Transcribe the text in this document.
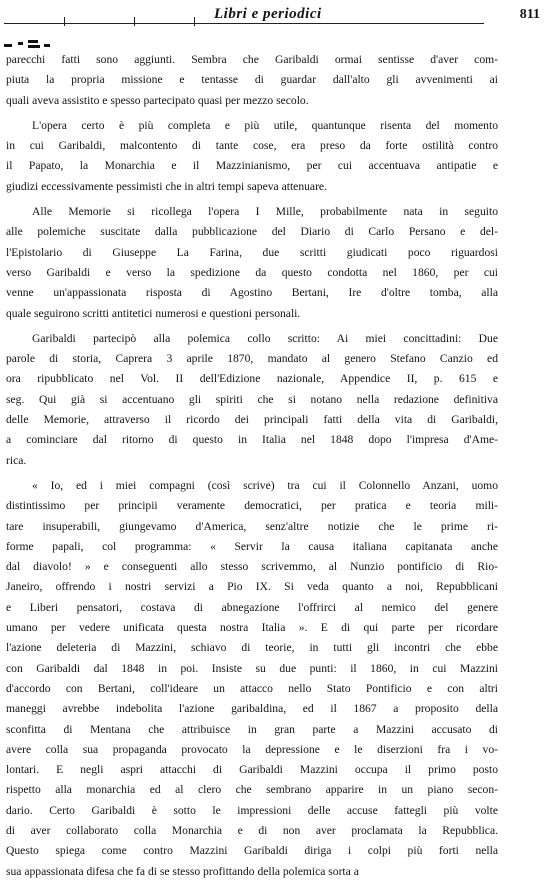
Libri e periodici	811
parecchi fatti sono aggiunti. Sembra che Garibaldi ormai sentisse d'aver com-
piuta la propria missione e tentasse di guardar dall'alto gli avvenimenti ai
quali aveva assistito e spesso partecipato quasi per mezzo secolo.
L'opera certo è più completa e più utile, quantunque risenta del momento
in cui Garibaldi, malcontento di tante cose, era preso da forte ostilità contro
il Papato, la Monarchia e il Mazzinianismo, per cui accentuava antipatie e
giudizi eccessivamente pessimisti che in altri tempi sapeva attenuare.
Alle Memorie si ricollega l'opera I Mille, probabilmente nata in seguito
alle polemiche suscitate dalla pubblicazione del Diario di Carlo Persano e del-
l'Epistolario di Giuseppe La Farina, due scritti giudicati poco riguardosi
verso Garibaldi e verso la spedizione da questo condotta nel 1860, per cui
venne un'appassionata risposta di Agostino Bertani, Ire d'oltre tomba, alla
quale seguirono scritti antitetici numerosi e questioni personali.
Garibaldi partecipò alla polemica collo scritto: Ai miei concittadini: Due
parole di storia, Caprera 3 aprile 1870, mandato al genero Stefano Canzio ed
ora ripubblicato nel Vol. II dell'Edizione nazionale, Appendice II, p. 615 e
seg. Qui già si accentuano gli spiriti che si notano nella redazione definitiva
delle Memorie, attraverso il ricordo dei principali fatti della vita di Garibaldi,
a cominciare dal ritorno di questo in Italia nel 1848 dopo l'impresa d'Ame-
rica.
« Io, ed i miei compagni (così scrive) tra cui il Colonnello Anzani, uomo
distintissimo per principii veramente democratici, per pratica e teoria mili-
tare insuperabili, giungevamo d'America, senz'altre notizie che le prime ri-
forme papali, col programma: « Servir la causa italiana capitanata anche
dal diavolo! » e conseguenti allo stesso scrivemmo, al Nunzio pontificio di Rio-
Janeiro, offrendo i nostri servizi a Pio IX. Si veda quanto a noi, Repubblicani
e Liberi pensatori, costava di abnegazione l'offrirci al nemico del genere
umano per vedere unificata questa nostra Italia ». E di qui parte per ricordare
l'azione deleteria di Mazzini, schiavo di teorie, in tutti gli incontri che ebbe
con Garibaldi dal 1848 in poi. Insiste su due punti: il 1860, in cui Mazzini
d'accordo con Bertani, coll'ideare un attacco nello Stato Pontificio e con altri
maneggi avrebbe indebolita l'azione garibaldina, ed il 1867 a proposito della
sconfitta di Mentana che attribuisce in gran parte a Mazzini accusato di
avere colla sua propaganda provocato la depressione e le diserzioni fra i vo-
lontari. E negli aspri attacchi di Garibaldi Mazzini occupa il primo posto
rispetto alla monarchia ed al clero che sembrano apparire in un piano secon-
dario. Certo Garibaldi è sotto le impressioni delle accuse fattegli più volte
di aver collaborato colla Monarchia e di non aver proclamata la Repubblica.
Questo spiega come contro Mazzini Garibaldi diriga i colpi più forti nella
sua appassionata difesa che fa di se stesso profittando della polemica sorta a
